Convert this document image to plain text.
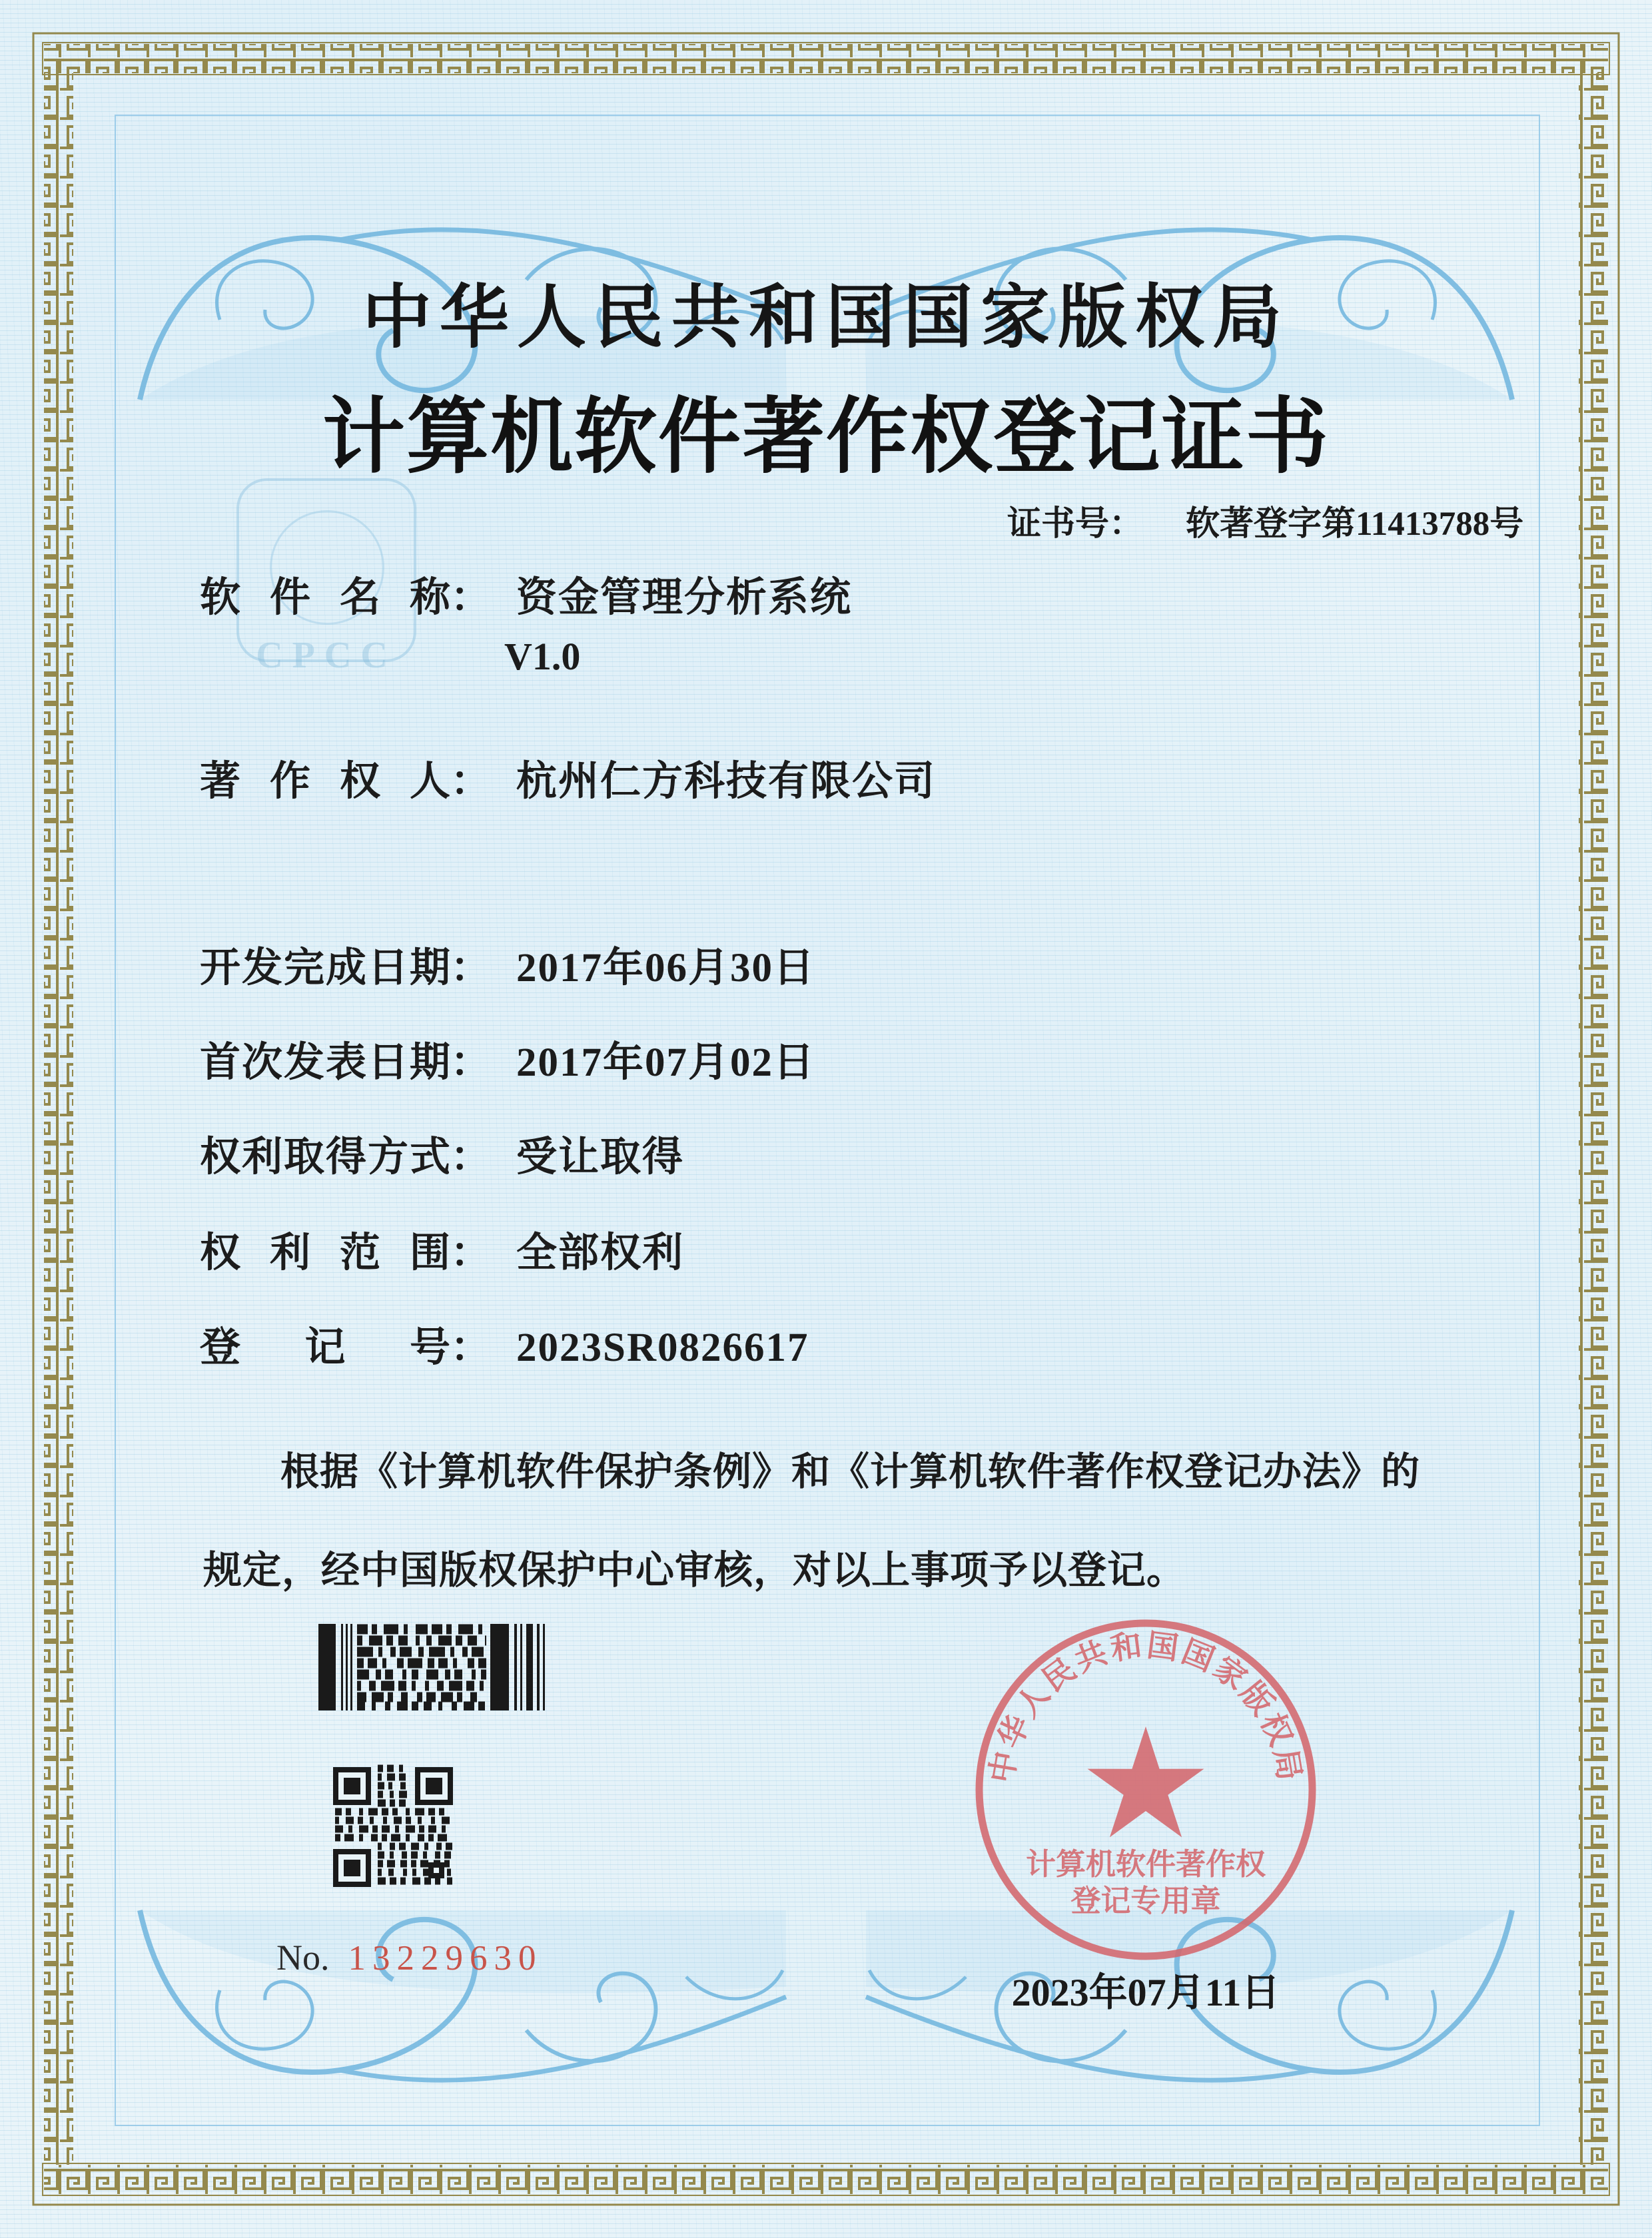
CPCC
中华人民共和国国家版权局
计算机软件著作权登记证书
证书号： 软著登字第11413788号
软件名称： 资金管理分析系统
V1.0
著作权人： 杭州仁方科技有限公司
开发完成日期： 2017年06月30日
首次发表日期： 2017年07月02日
权利取得方式： 受让取得
权利范围： 全部权利
登记号： 2023SR0826617
根据《计算机软件保护条例》和《计算机软件著作权登记办法》的
规定，经中国版权保护中心审核，对以上事项予以登记。
No. 13229630
中华人民共和国国家版权局
计算机软件著作权
登记专用章
2023年07月11日
